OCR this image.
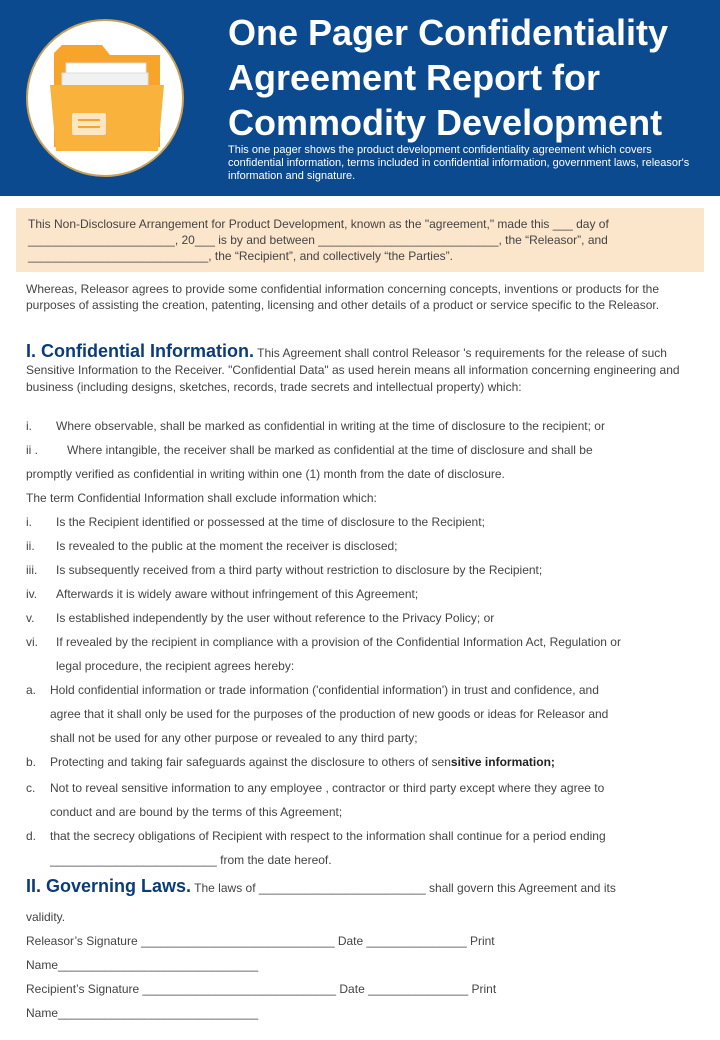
One Pager Confidentiality Agreement Report for Commodity Development

This one pager shows the product development confidentiality agreement which covers confidential information, terms included in confidential information, government laws, releasor's information and signature.

This Non-Disclosure Arrangement for Product Development, known as the "agreement," made this ___ day of ______________________, 20___ is by and between ___________________________, the “Releasor”, and ___________________________, the “Recipient”, and collectively “the Parties”.

Whereas, Releasor agrees to provide some confidential information concerning concepts, inventions or products for the purposes of assisting the creation, patenting, licensing and other details of a product or service specific to the Releasor.

I. Confidential Information. This Agreement shall control Releasor 's requirements for the release of such Sensitive Information to the Receiver. "Confidential Data" as used herein means all information concerning engineering and business (including designs, sketches, records, trade secrets and intellectual property) which:

i. Where observable, shall be marked as confidential in writing at the time of disclosure to the recipient; or
ii . Where intangible, the receiver shall be marked as confidential at the time of disclosure and shall be
promptly verified as confidential in writing within one (1) month from the date of disclosure.
The term Confidential Information shall exclude information which:
i. Is the Recipient identified or possessed at the time of disclosure to the Recipient;
ii. Is revealed to the public at the moment the receiver is disclosed;
iii. Is subsequently received from a third party without restriction to disclosure by the Recipient;
iv. Afterwards it is widely aware without infringement of this Agreement;
v. Is established independently by the user without reference to the Privacy Policy; or
vi. If revealed by the recipient in compliance with a provision of the Confidential Information Act, Regulation or
legal procedure, the recipient agrees hereby:
a. Hold confidential information or trade information ('confidential information') in trust and confidence, and
agree that it shall only be used for the purposes of the production of new goods or ideas for Releasor and
shall not be used for any other purpose or revealed to any third party;
b. Protecting and taking fair safeguards against the disclosure to others of sensitive information;
c. Not to reveal sensitive information to any employee , contractor or third party except where they agree to
conduct and are bound by the terms of this Agreement;
d. that the secrecy obligations of Recipient with respect to the information shall continue for a period ending
_________________________ from the date hereof.
II. Governing Laws. The laws of _________________________ shall govern this Agreement and its
validity.
Releasor’s Signature _____________________________ Date _______________ Print
Name______________________________
Recipient’s Signature _____________________________ Date _______________ Print
Name______________________________
